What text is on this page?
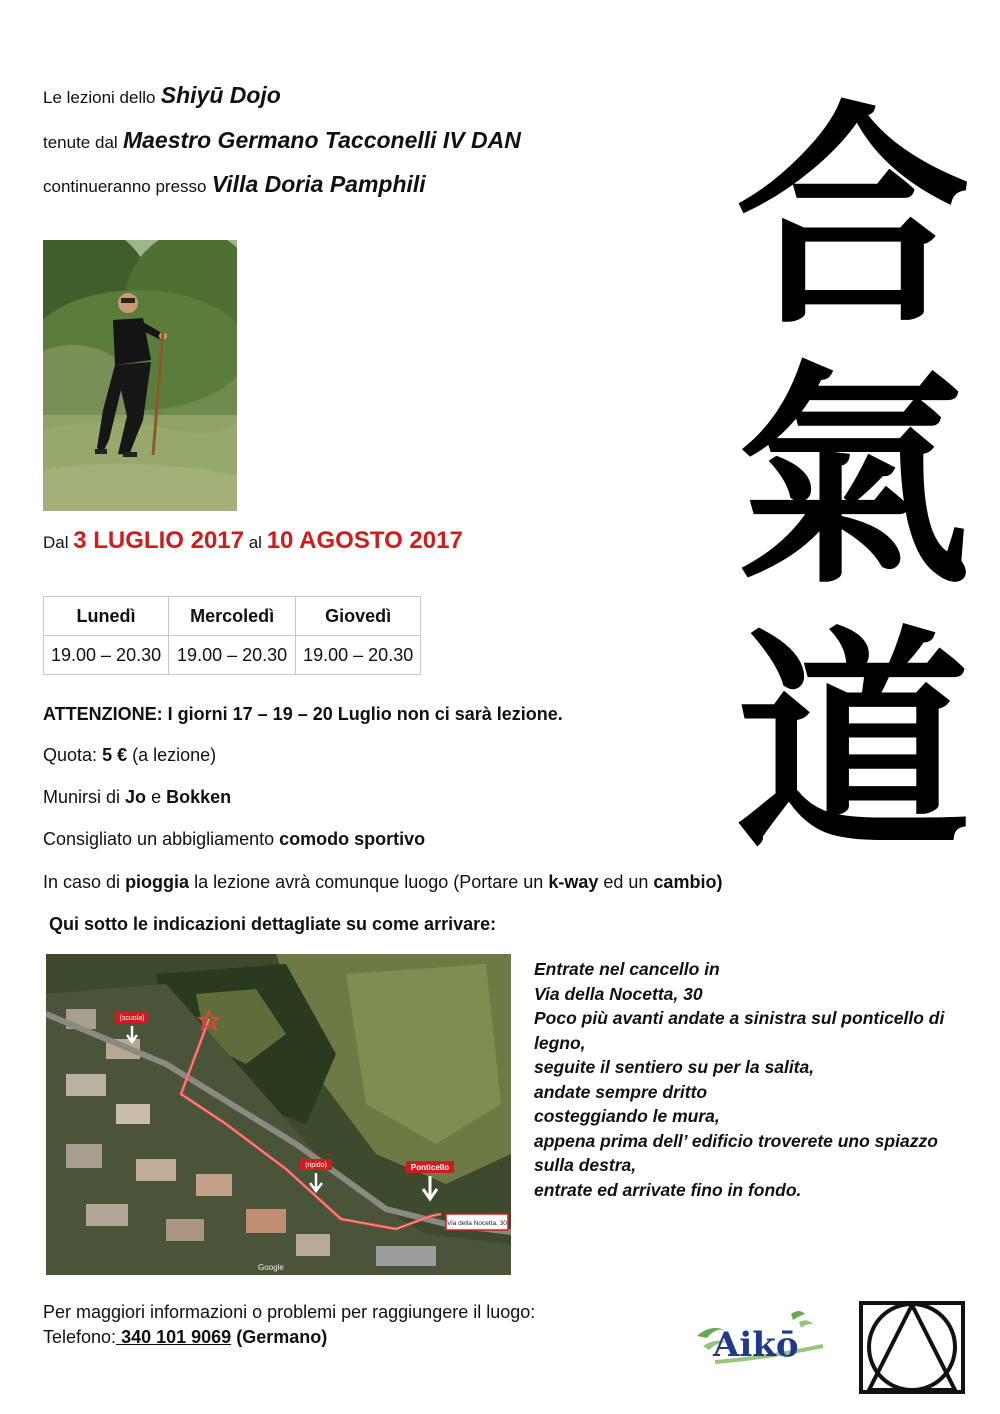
Le lezioni dello Shiyū Dojo
tenute dal Maestro Germano Tacconelli IV DAN
continueranno presso Villa Doria Pamphili
Dal 3 LUGLIO 2017 al 10 AGOSTO 2017
Lunedì	Mercoledì	Giovedì
19.00 – 20.30	19.00 – 20.30	19.00 – 20.30
ATTENZIONE: I giorni 17 – 19 – 20 Luglio non ci sarà lezione.
Quota: 5 € (a lezione)
Munirsi di Jo e Bokken
Consigliato un abbigliamento comodo sportivo
In caso di pioggia la lezione avrà comunque luogo (Portare un k-way ed un cambio)
Qui sotto le indicazioni dettagliate su come arrivare:
(scuola)
(ripido)	Ponticello
Via della Nocetta, 30
Google
Entrate nel cancello in
Via della Nocetta, 30
Poco più avanti andate a sinistra sul ponticello di
legno,
seguite il sentiero su per la salita,
andate sempre dritto
costeggiando le mura,
appena prima dell’ edificio troverete uno spiazzo
sulla destra,
entrate ed arrivate fino in fondo.
Per maggiori informazioni o problemi per raggiungere il luogo:
Telefono: 340 101 9069 (Germano)
合
氣
道
Aikō
